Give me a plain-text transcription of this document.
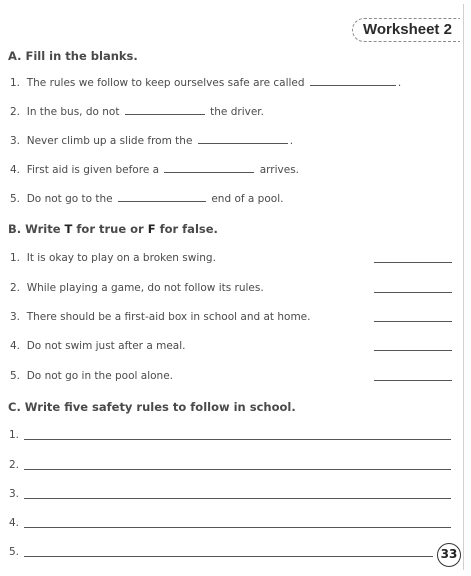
Worksheet 2
A. Fill in the blanks.
1. The rules we follow to keep ourselves safe are called	.
2. In the bus, do not	the driver.
3. Never climb up a slide from the	.
4. First aid is given before a	arrives.
5. Do not go to the	end of a pool.
B. Write T for true or F for false.
1. It is okay to play on a broken swing.
2. While playing a game, do not follow its rules.
3. There should be a first-aid box in school and at home.
4. Do not swim just after a meal.
5. Do not go in the pool alone.
C. Write five safety rules to follow in school.
1.
2.
3.
4.
5.	33
